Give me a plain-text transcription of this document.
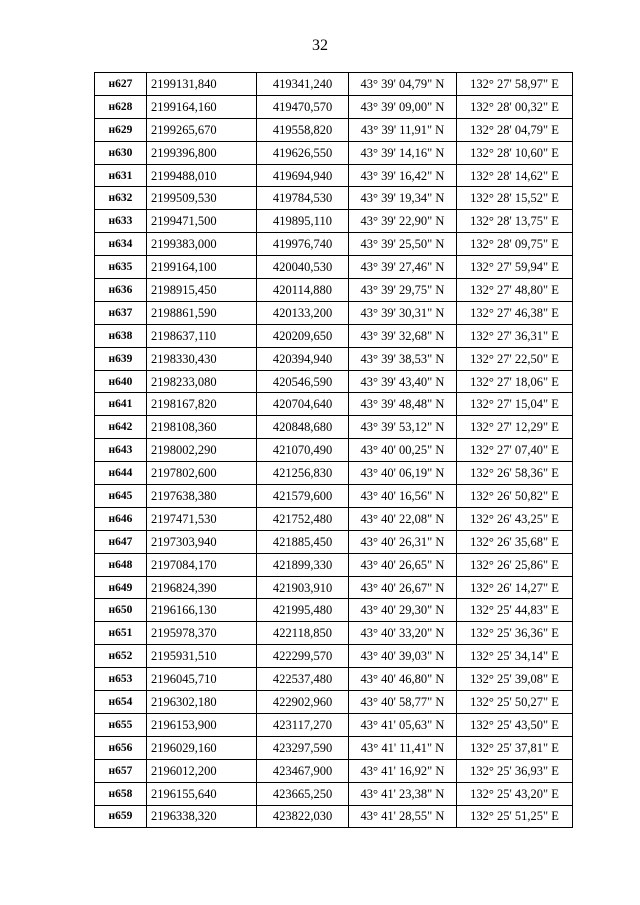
32
н627	2199131,840	419341,240	43° 39' 04,79" N	132° 27' 58,97" E
н628	2199164,160	419470,570	43° 39' 09,00" N	132° 28' 00,32" E
н629	2199265,670	419558,820	43° 39' 11,91" N	132° 28' 04,79" E
н630	2199396,800	419626,550	43° 39' 14,16" N	132° 28' 10,60" E
н631	2199488,010	419694,940	43° 39' 16,42" N	132° 28' 14,62" E
н632	2199509,530	419784,530	43° 39' 19,34" N	132° 28' 15,52" E
н633	2199471,500	419895,110	43° 39' 22,90" N	132° 28' 13,75" E
н634	2199383,000	419976,740	43° 39' 25,50" N	132° 28' 09,75" E
н635	2199164,100	420040,530	43° 39' 27,46" N	132° 27' 59,94" E
н636	2198915,450	420114,880	43° 39' 29,75" N	132° 27' 48,80" E
н637	2198861,590	420133,200	43° 39' 30,31" N	132° 27' 46,38" E
н638	2198637,110	420209,650	43° 39' 32,68" N	132° 27' 36,31" E
н639	2198330,430	420394,940	43° 39' 38,53" N	132° 27' 22,50" E
н640	2198233,080	420546,590	43° 39' 43,40" N	132° 27' 18,06" E
н641	2198167,820	420704,640	43° 39' 48,48" N	132° 27' 15,04" E
н642	2198108,360	420848,680	43° 39' 53,12" N	132° 27' 12,29" E
н643	2198002,290	421070,490	43° 40' 00,25" N	132° 27' 07,40" E
н644	2197802,600	421256,830	43° 40' 06,19" N	132° 26' 58,36" E
н645	2197638,380	421579,600	43° 40' 16,56" N	132° 26' 50,82" E
н646	2197471,530	421752,480	43° 40' 22,08" N	132° 26' 43,25" E
н647	2197303,940	421885,450	43° 40' 26,31" N	132° 26' 35,68" E
н648	2197084,170	421899,330	43° 40' 26,65" N	132° 26' 25,86" E
н649	2196824,390	421903,910	43° 40' 26,67" N	132° 26' 14,27" E
н650	2196166,130	421995,480	43° 40' 29,30" N	132° 25' 44,83" E
н651	2195978,370	422118,850	43° 40' 33,20" N	132° 25' 36,36" E
н652	2195931,510	422299,570	43° 40' 39,03" N	132° 25' 34,14" E
н653	2196045,710	422537,480	43° 40' 46,80" N	132° 25' 39,08" E
н654	2196302,180	422902,960	43° 40' 58,77" N	132° 25' 50,27" E
н655	2196153,900	423117,270	43° 41' 05,63" N	132° 25' 43,50" E
н656	2196029,160	423297,590	43° 41' 11,41" N	132° 25' 37,81" E
н657	2196012,200	423467,900	43° 41' 16,92" N	132° 25' 36,93" E
н658	2196155,640	423665,250	43° 41' 23,38" N	132° 25' 43,20" E
н659	2196338,320	423822,030	43° 41' 28,55" N	132° 25' 51,25" E
